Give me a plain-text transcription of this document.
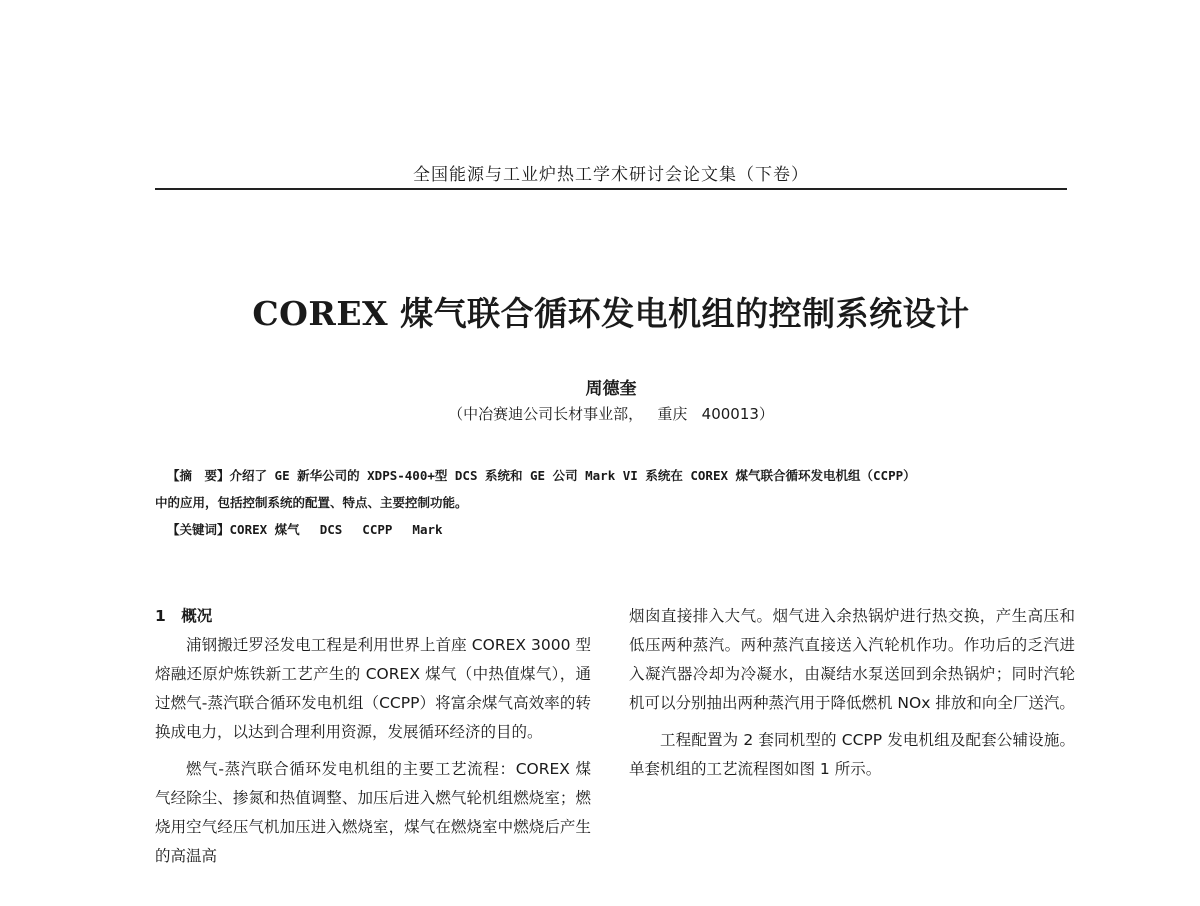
全国能源与工业炉热工学术研讨会论文集（下卷）
COREX 煤气联合循环发电机组的控制系统设计
周德奎
（中冶赛迪公司长材事业部，   重庆   400013）
【摘　要】介绍了 GE 新华公司的 XDPS-400+型 DCS 系统和 GE 公司 Mark VI 系统在 COREX 煤气联合循环发电机组（CCPP）
中的应用，包括控制系统的配置、特点、主要控制功能。
【关键词】COREX 煤气　 DCS　 CCPP　 Mark

1　概况

浦钢搬迁罗泾发电工程是利用世界上首座 COREX 3000 型熔融还原炉炼铁新工艺产生的 COREX 煤气（中热值煤气），通过燃气-蒸汽联合循环发电机组（CCPP）将富余煤气高效率的转换成电力，以达到合理利用资源，发展循环经济的目的。

燃气-蒸汽联合循环发电机组的主要工艺流程：COREX 煤气经除尘、掺氮和热值调整、加压后进入燃气轮机组燃烧室；燃烧用空气经压气机加压进入燃烧室，煤气在燃烧室中燃烧后产生的高温高

烟囱直接排入大气。烟气进入余热锅炉进行热交换，产生高压和低压两种蒸汽。两种蒸汽直接送入汽轮机作功。作功后的乏汽进入凝汽器冷却为冷凝水，由凝结水泵送回到余热锅炉；同时汽轮机可以分别抽出两种蒸汽用于降低燃机 NOx 排放和向全厂送汽。

工程配置为 2 套同机型的 CCPP 发电机组及配套公辅设施。单套机组的工艺流程图如图 1 所示。
